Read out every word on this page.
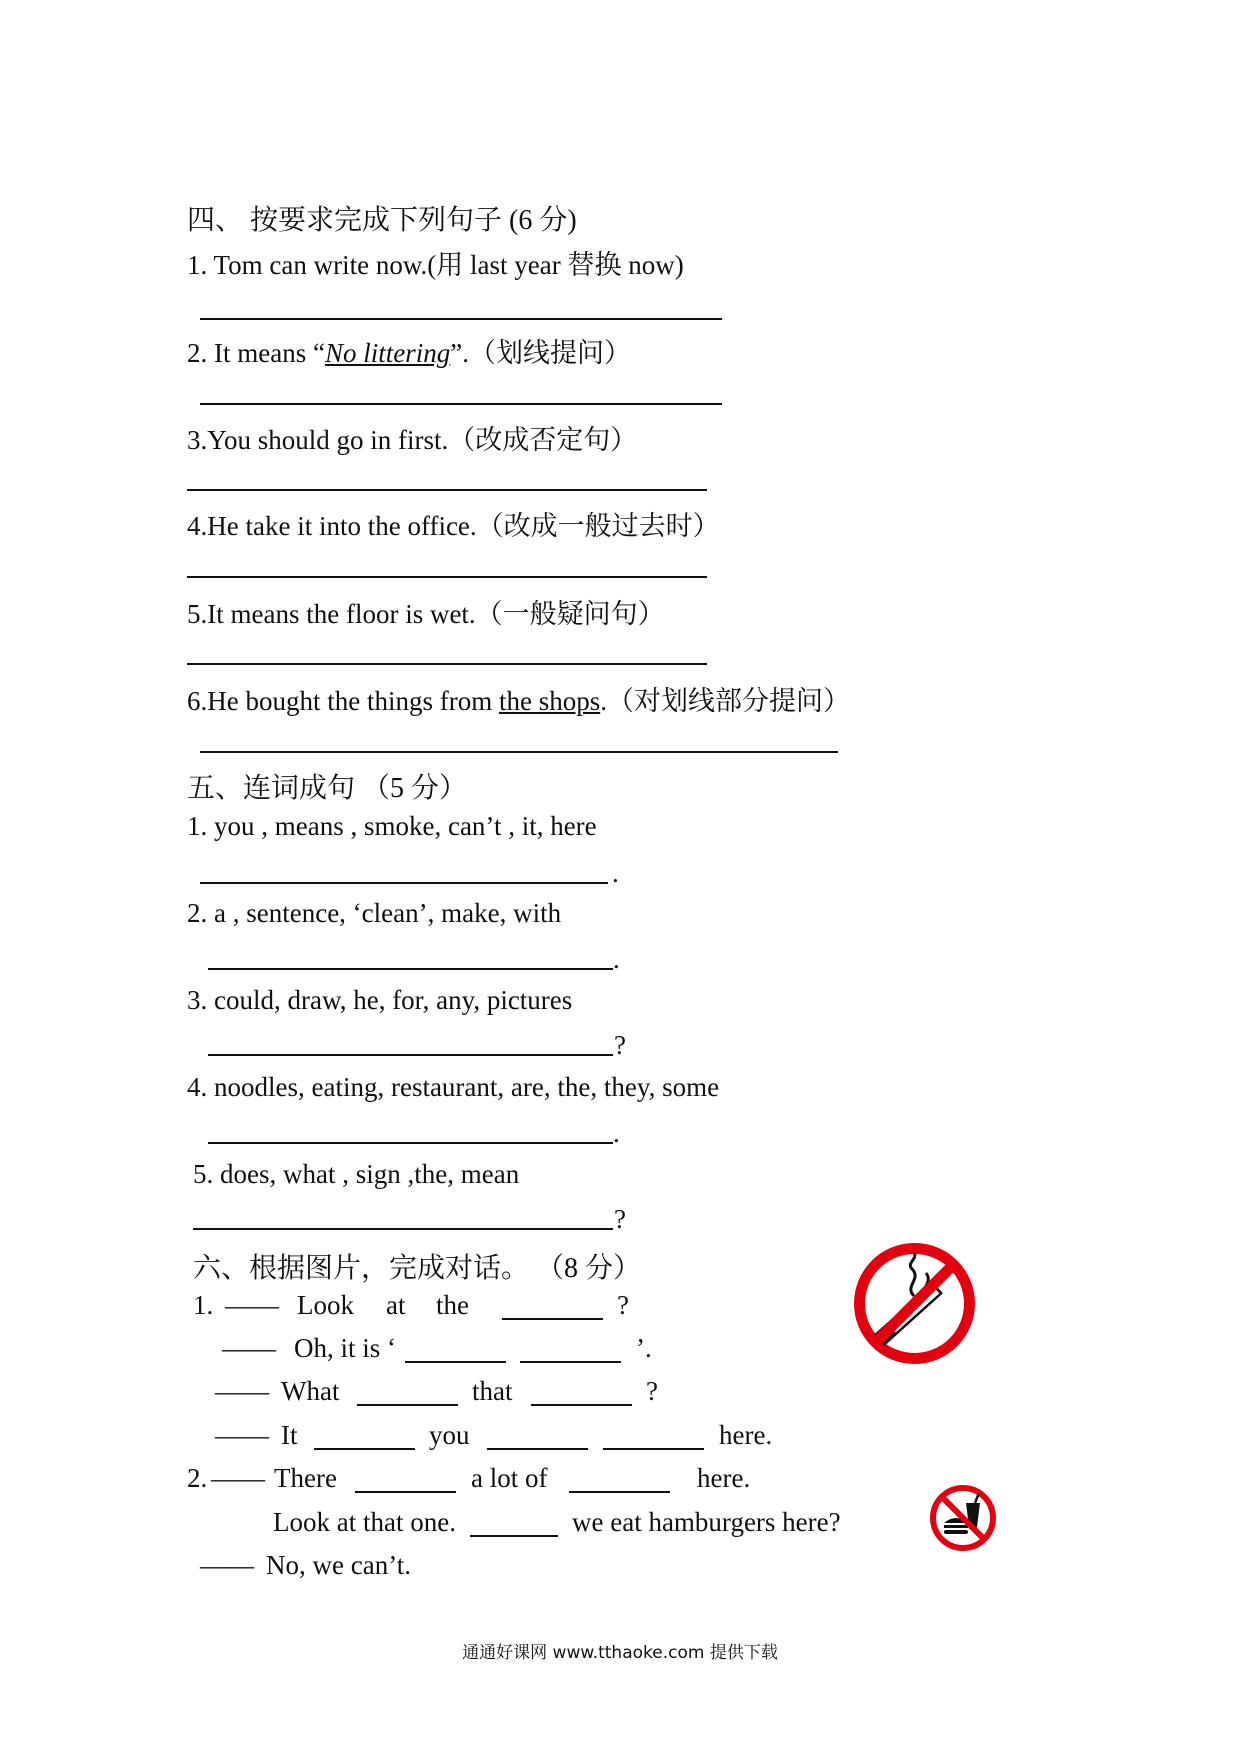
四、 按要求完成下列句子 (6 分)
1. Tom can write now.(用 last year 替换 now)
2. It means “No littering”.（划线提问）
3.You should go in first.（改成否定句）
4.He take it into the office.（改成一般过去时）
5.It means the floor is wet.（一般疑问句）
6.He bought the things from the shops.（对划线部分提问）
五、连词成句 （5 分）
1. you , means , smoke, can’t , it, here
.
2. a , sentence, ‘clean’, make, with
.
3. could, draw, he, for, any, pictures
?
4. noodles, eating, restaurant, are, the, they, some
.
5. does, what , sign ,the, mean
?
六、根据图片，完成对话。 （8 分）
1. —— Look at the	?
—— Oh, it is ‘	’.
—— What	that	?
—— It	you	here.
2. —— There	a lot of	here.
Look at that one.	we eat hamburgers here?
—— No, we can’t.
通通好课网 www.tthaoke.com 提供下载
